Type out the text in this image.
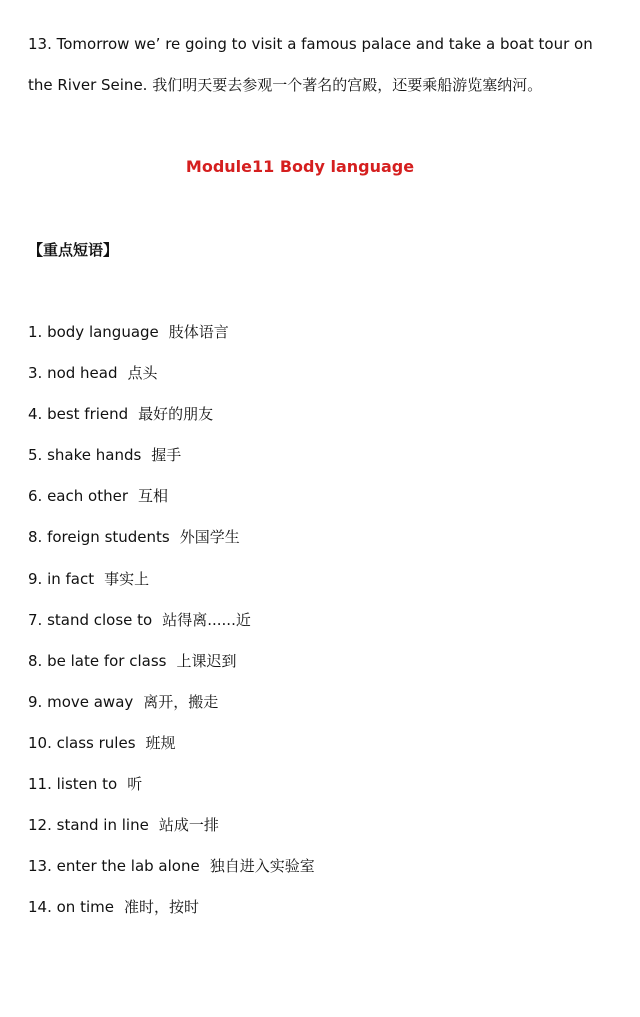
13. Tomorrow we’ re going to visit a famous palace and take a boat tour on
the River Seine. 我们明天要去参观一个著名的宫殿，还要乘船游览塞纳河。
Module11 Body language
【重点短语】
1. body language 肢体语言
3. nod head 点头
4. best friend 最好的朋友
5. shake hands 握手
6. each other 互相
8. foreign students 外国学生
9. in fact 事实上
7. stand close to 站得离......近
8. be late for class 上课迟到
9. move away 离开，搬走
10. class rules 班规
11. listen to 听
12. stand in line 站成一排
13. enter the lab alone 独自进入实验室
14. on time 准时，按时
